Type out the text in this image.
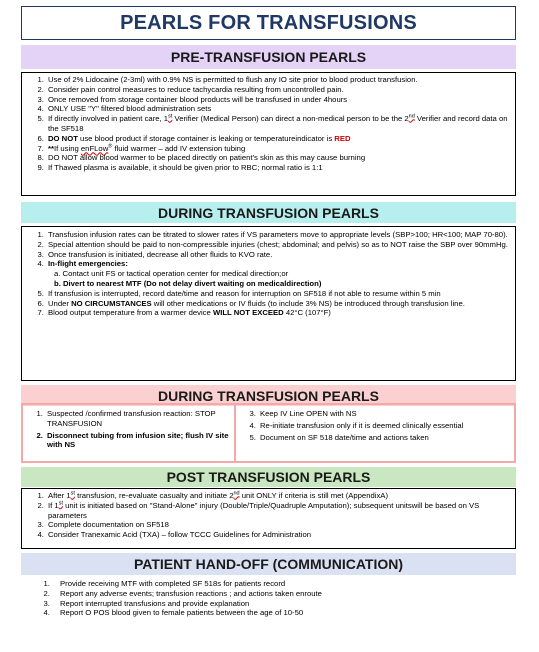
PEARLS FOR TRANSFUSIONS
PRE-TRANSFUSION PEARLS
1. Use of 2% Lidocaine (2-3ml) with 0.9% NS is permitted to flush any IO site prior to blood product transfusion.
2. Consider pain control measures to reduce tachycardia resulting from uncontrolled pain.
3. Once removed from storage container blood products will be transfused in under 4hours
4. ONLY USE "Y" filtered blood administration sets
5. If directly involved in patient care, 1st Verifier (Medical Person) can direct a non-medical person to be the 2nd Verifier and record data on the SF518
6. DO NOT use blood product if storage container is leaking or temperatureindicator is RED
7. **If using enFLow® fluid warmer – add IV extension tubing
8. DO NOT allow blood warmer to be placed directly on patient's skin as this may cause burning
9. If Thawed plasma is available, it should be given prior to RBC; normal ratio is 1:1
DURING TRANSFUSION PEARLS
1. Transfusion infusion rates can be titrated to slower rates if VS parameters move to appropriate levels (SBP>100; HR<100; MAP 70-80).
2. Special attention should be paid to non-compressible injuries (chest; abdominal; and pelvis) so as to NOT raise the SBP over 90mmHg.
3. Once transfusion is initiated, decrease all other fluids to KVO rate.
4. In-flight emergencies:
a. Contact unit FS or tactical operation center for medical direction;or
b. Divert to nearest MTF (Do not delay divert waiting on medicaldirection)
5. If transfusion is interrupted, record date/time and reason for interruption on SF518 if not able to resume within 5 min
6. Under NO CIRCUMSTANCES will other medications or IV fluids (to include 3% NS) be introduced through transfusion line.
7. Blood output temperature from a warmer device WILL NOT EXCEED 42°C (107°F)
DURING TRANSFUSION PEARLS
1. Suspected /confirmed transfusion reaction: STOP TRANSFUSION
2. Disconnect tubing from infusion site; flush IV site with NS
3. Keep IV Line OPEN with NS
4. Re-initiate transfusion only if it is deemed clinically essential
5. Document on SF 518 date/time and actions taken
POST TRANSFUSION PEARLS
1. After 1st transfusion, re-evaluate casualty and initiate 2nd unit ONLY if criteria is still met (AppendixA)
2. If 1st unit is initiated based on "Stand-Alone" injury (Double/Triple/Quadruple Amputation); subsequent unitswill be based on VS parameters
3. Complete documentation on SF518
4. Consider Tranexamic Acid (TXA) – follow TCCC Guidelines for Administration
PATIENT HAND-OFF (COMMUNICATION)
1. Provide receiving MTF with completed SF 518s for patients record
2. Report any adverse events; transfusion reactions ; and actions taken enroute
3. Report interrupted transfusions and provide explanation
4. Report O POS blood given to female patients between the age of 10-50
